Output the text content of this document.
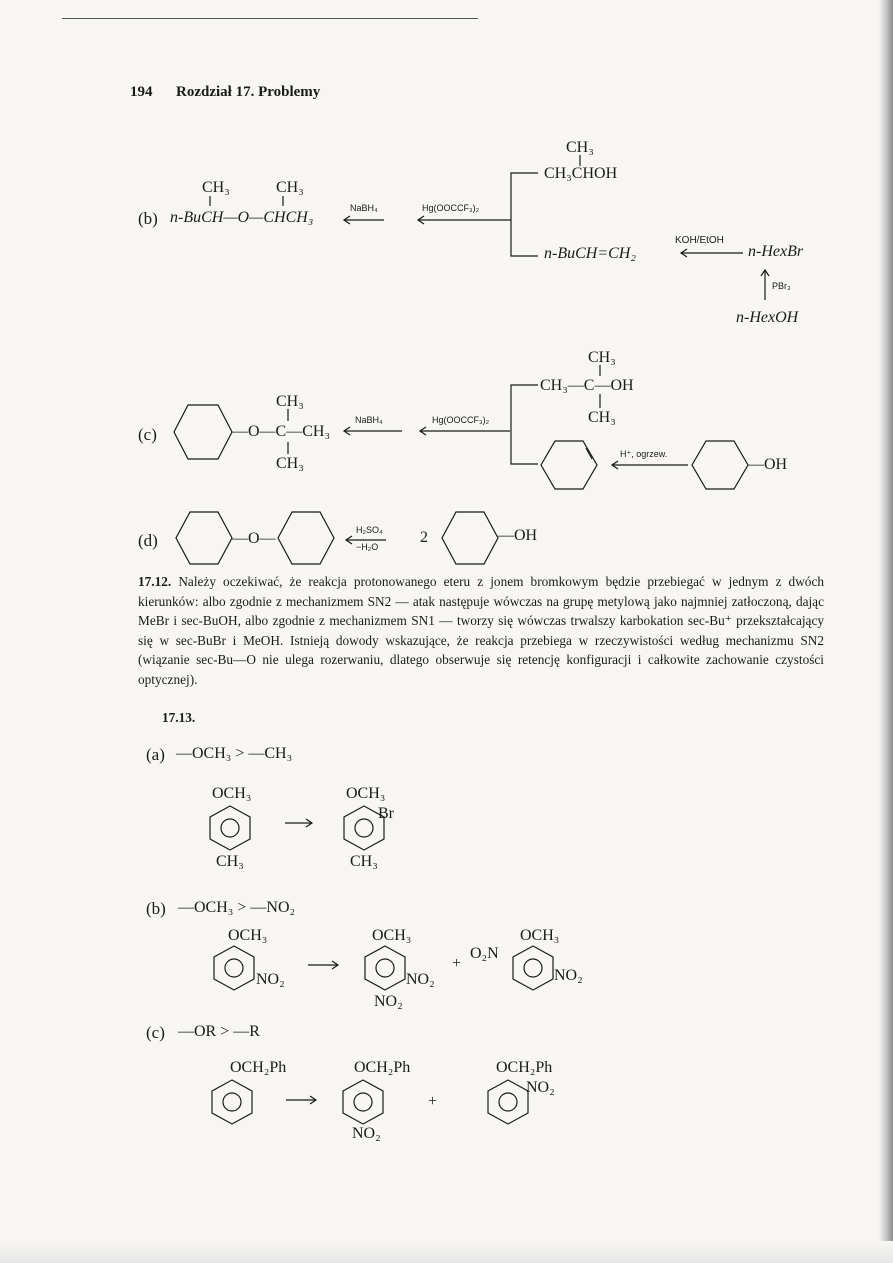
194 Rozdział 17. Problemy
(b)
CH₃	CH₃
n-BuCH—O—CHCH₃
NaBH₄	Hg(OOCCF₃)₂
CH₃
CH₃CHOH
n-BuCH=CH₂
KOH/EtOH
n-HexBr
PBr₃
n-HexOH
(c)
CH₃
—O—C—CH₃
CH₃
NaBH₄	Hg(OOCCF₃)₂
CH₃
CH₃—C—OH
CH₃
H⁺, ogrzew.
—OH
(d)	—O—	H₂SO₄
−H₂O
2	—OH
17.12. Należy oczekiwać, że reakcja protonowanego eteru z jonem bromkowym będzie przebiegać w jednym z dwóch kierunków: albo zgodnie z mechanizmem SN2 — atak następuje wówczas na grupę metylową jako najmniej zatłoczoną, dając MeBr i sec-BuOH, albo zgodnie z mechanizmem SN1 — tworzy się wówczas trwalszy karbokation sec-Bu⁺ przekształcający się w sec-BuBr i MeOH. Istnieją dowody wskazujące, że reakcja przebiega w rzeczywistości według mechanizmu SN2 (wiązanie sec-Bu—O nie ulega rozerwaniu, dlatego obserwuje się retencję konfiguracji i całkowite zachowanie czystości optycznej).
17.13.
(a) —OCH₃ > —CH₃
OCH₃
CH₃
OCH₃
Br
CH₃
(b) —OCH₃ > —NO₂
OCH₃
NO₂
OCH₃
NO₂
NO₂
+
O₂N
OCH₃
NO₂
(c) —OR > —R
OCH₂Ph	OCH₂Ph
NO₂
+
OCH₂Ph
NO₂
